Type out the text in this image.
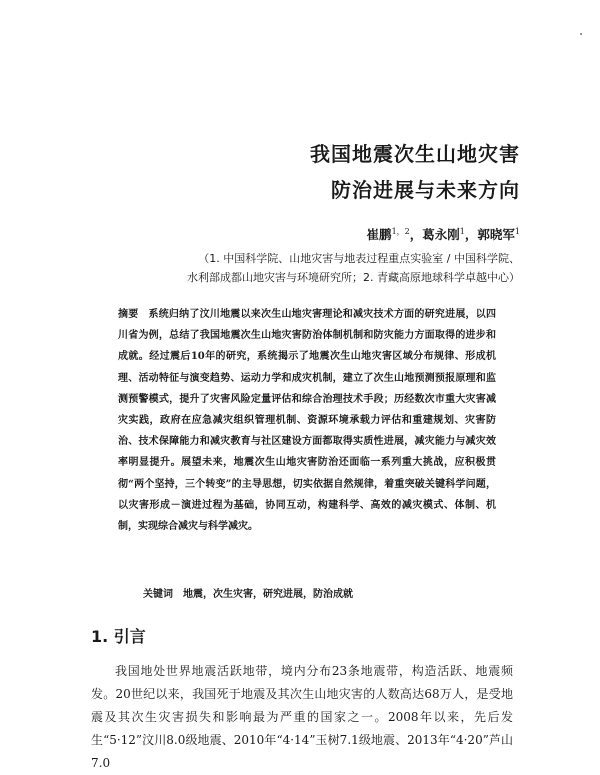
我国地震次生山地灾害
防治进展与未来方向
崔鹏$^{1,2}$，葛永刚$^1$，郭晓军$^1$
（1. 中国科学院、山地灾害与地表过程重点实验室 / 中国科学院、
水利部成都山地灾害与环境研究所；2. 青藏高原地球科学卓越中心）

摘要 系统归纳了汶川地震以来次生山地灾害理论和减灾技术方面的研究进展，以四川省为例，总结了我国地震次生山地灾害防治体制机制和防灾能力方面取得的进步和成就。经过震后10年的研究，系统揭示了地震次生山地灾害区域分布规律、形成机理、活动特征与演变趋势、运动力学和成灾机制，建立了次生山地预测预报原理和监测预警模式，提升了灾害风险定量评估和综合治理技术手段；历经数次市重大灾害减灾实践，政府在应急减灾组织管理机制、资源环境承载力评估和重建规划、灾害防治、技术保障能力和减灾教育与社区建设方面都取得实质性进展，减灾能力与减灾效率明显提升。展望未来，地震次生山地灾害防治还面临一系列重大挑战，应积极贯彻“两个坚持，三个转变”的主导思想，切实依据自然规律，着重突破关键科学问题，以灾害形成－演进过程为基础，协同互动，构建科学、高效的减灾模式、体制、机制，实现综合减灾与科学减灾。

关键词 地震，次生灾害，研究进展，防治成就
1. 引言

我国地处世界地震活跃地带，境内分布23条地震带，构造活跃、地震频发。20世纪以来，我国死于地震及其次生山地灾害的人数高达68万人，是受地震及其次生灾害损失和影响最为严重的国家之一。2008年以来，先后发生“5·12”汶川8.0级地震、2010年“4·14”玉树7.1级地震、2013年“4·20”芦山7.0
